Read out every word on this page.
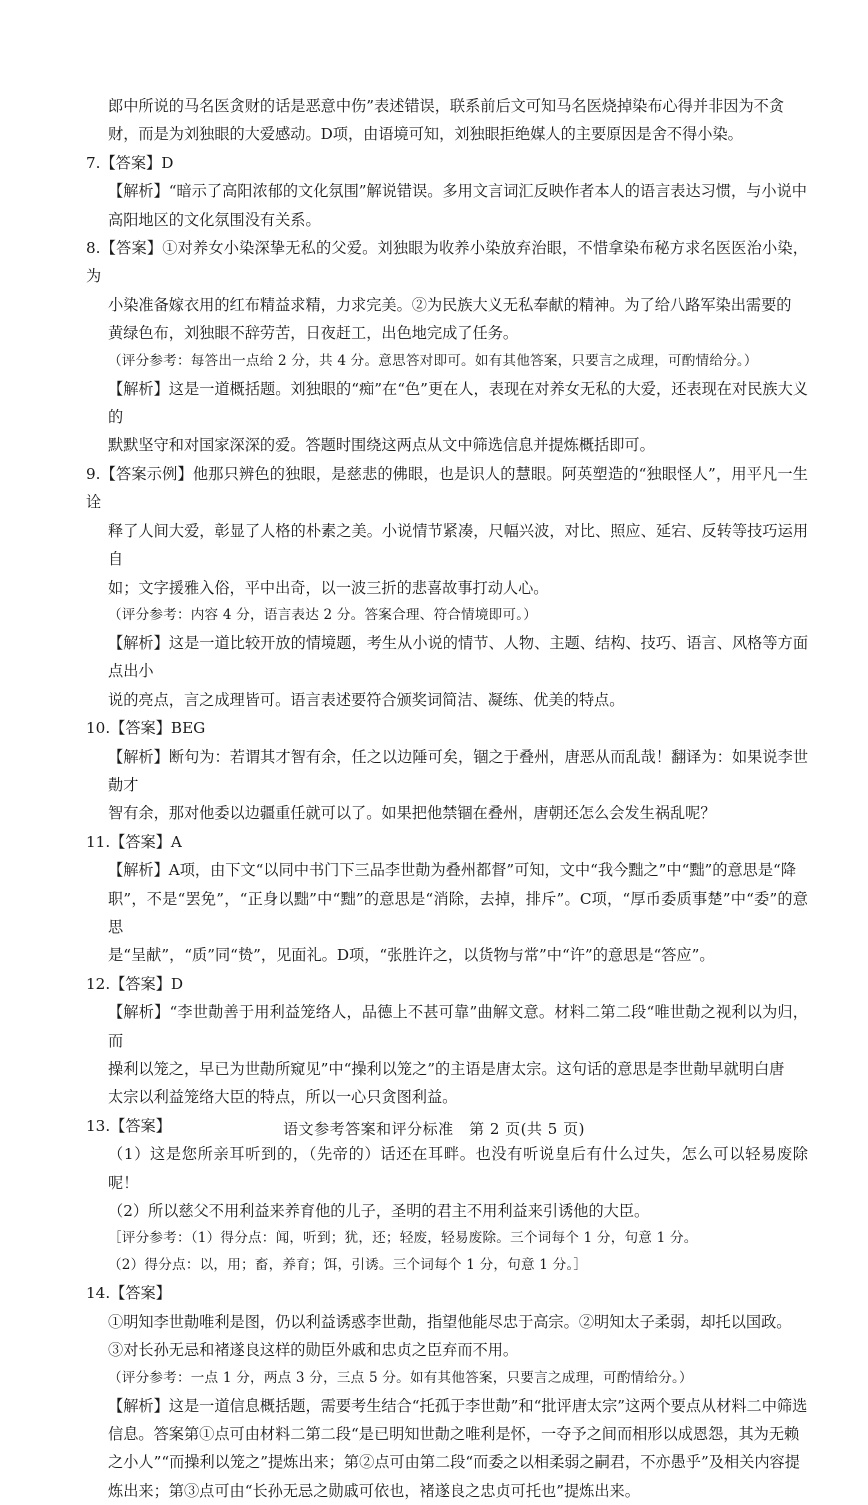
郎中所说的马名医贪财的话是恶意中伤”表述错误，联系前后文可知马名医烧掉染布心得并非因为不贪
财，而是为刘独眼的大爱感动。D项，由语境可知，刘独眼拒绝媒人的主要原因是舍不得小染。
7.【答案】D
【解析】“暗示了高阳浓郁的文化氛围”解说错误。多用文言词汇反映作者本人的语言表达习惯，与小说中
高阳地区的文化氛围没有关系。
8.【答案】①对养女小染深挚无私的父爱。刘独眼为收养小染放弃治眼，不惜拿染布秘方求名医医治小染，为
小染准备嫁衣用的红布精益求精，力求完美。②为民族大义无私奉献的精神。为了给八路军染出需要的
黄绿色布，刘独眼不辞劳苦，日夜赶工，出色地完成了任务。
（评分参考：每答出一点给 2 分，共 4 分。意思答对即可。如有其他答案，只要言之成理，可酌情给分。）
【解析】这是一道概括题。刘独眼的“痴”在“色”更在人，表现在对养女无私的大爱，还表现在对民族大义的
默默坚守和对国家深深的爱。答题时围绕这两点从文中筛选信息并提炼概括即可。
9.【答案示例】他那只辨色的独眼，是慈悲的佛眼，也是识人的慧眼。阿英塑造的“独眼怪人”，用平凡一生诠
释了人间大爱，彰显了人格的朴素之美。小说情节紧凑，尺幅兴波，对比、照应、延宕、反转等技巧运用自
如；文字援雅入俗，平中出奇，以一波三折的悲喜故事打动人心。
（评分参考：内容 4 分，语言表达 2 分。答案合理、符合情境即可。）
【解析】这是一道比较开放的情境题，考生从小说的情节、人物、主题、结构、技巧、语言、风格等方面点出小
说的亮点，言之成理皆可。语言表述要符合颁奖词简洁、凝练、优美的特点。
10.【答案】BEG
【解析】断句为：若谓其才智有余，任之以边陲可矣，锢之于叠州，唐恶从而乱哉！翻译为：如果说李世勣才
智有余，那对他委以边疆重任就可以了。如果把他禁锢在叠州，唐朝还怎么会发生祸乱呢？
11.【答案】A
【解析】A项，由下文“以同中书门下三品李世勣为叠州都督”可知，文中“我今黜之”中“黜”的意思是“降
职”，不是“罢免”，“正身以黜”中“黜”的意思是“消除，去掉，排斥”。C项，“厚币委质事楚”中“委”的意思
是“呈献”，“质”同“贽”，见面礼。D项，“张胜许之，以货物与常”中“许”的意思是“答应”。
12.【答案】D
【解析】“李世勣善于用利益笼络人，品德上不甚可靠”曲解文意。材料二第二段“唯世勣之视利以为归，而
操利以笼之，早已为世勣所窥见”中“操利以笼之”的主语是唐太宗。这句话的意思是李世勣早就明白唐
太宗以利益笼络大臣的特点，所以一心只贪图利益。
13.【答案】
（1）这是您所亲耳听到的，（先帝的）话还在耳畔。也没有听说皇后有什么过失，怎么可以轻易废除呢！
（2）所以慈父不用利益来养育他的儿子，圣明的君主不用利益来引诱他的大臣。
［评分参考：（1）得分点：闻，听到；犹，还；轻废，轻易废除。三个词每个 1 分，句意 1 分。
（2）得分点：以，用；畜，养育；饵，引诱。三个词每个 1 分，句意 1 分。］
14.【答案】
①明知李世勣唯利是图，仍以利益诱惑李世勣，指望他能尽忠于高宗。②明知太子柔弱，却托以国政。
③对长孙无忌和褚遂良这样的勋臣外戚和忠贞之臣弃而不用。
（评分参考：一点 1 分，两点 3 分，三点 5 分。如有其他答案，只要言之成理，可酌情给分。）
【解析】这是一道信息概括题，需要考生结合“托孤于李世勣”和“批评唐太宗”这两个要点从材料二中筛选
信息。答案第①点可由材料二第二段“是已明知世勣之唯利是怀，一夺予之间而相形以成恩怨，其为无赖
之小人”“而操利以笼之”提炼出来；第②点可由第二段“而委之以相柔弱之嗣君，不亦愚乎”及相关内容提
炼出来；第③点可由“长孙无忌之勋戚可依也，褚遂良之忠贞可托也”提炼出来。
语文参考答案和评分标准　第 2 页(共 5 页)
